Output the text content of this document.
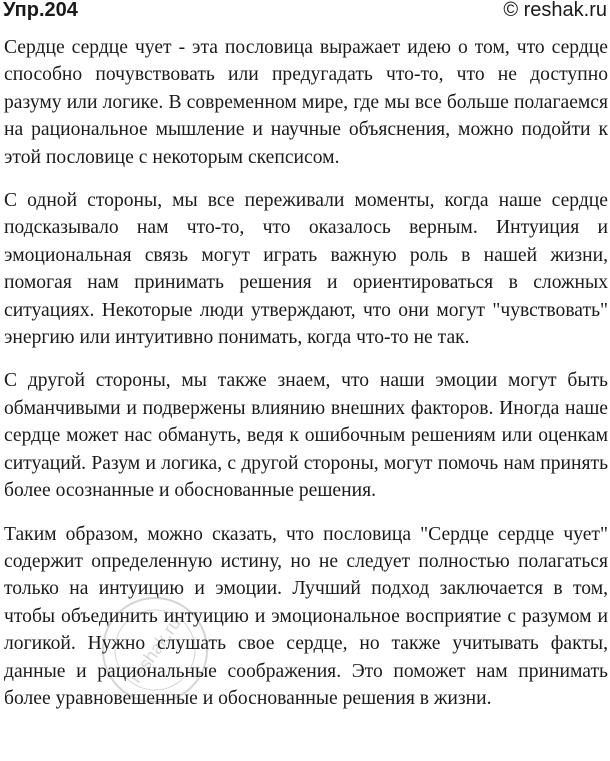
Упр.204	© reshak.ru

Сердце сердце чует - эта пословица выражает идею о том, что сердце способно почувствовать или предугадать что-то, что не доступно разуму или логике. В современном мире, где мы все больше полагаемся на рациональное мышление и научные объяснения, можно подойти к этой пословице с некоторым скепсисом.

С одной стороны, мы все переживали моменты, когда наше сердце подсказывало нам что-то, что оказалось верным. Интуиция и эмоциональная связь могут играть важную роль в нашей жизни, помогая нам принимать решения и ориентироваться в сложных ситуациях. Некоторые люди утверждают, что они могут "чувствовать" энергию или интуитивно понимать, когда что-то не так.

С другой стороны, мы также знаем, что наши эмоции могут быть обманчивыми и подвержены влиянию внешних факторов. Иногда наше сердце может нас обмануть, ведя к ошибочным решениям или оценкам ситуаций. Разум и логика, с другой стороны, могут помочь нам принять более осознанные и обоснованные решения.

Таким образом, можно сказать, что пословица "Сердце сердце чует" содержит определенную истину, но не следует полностью полагаться только на интуицию и эмоции. Лучший подход заключается в том, чтобы объединить интуицию и эмоциональное восприятие с разумом и логикой. Нужно слушать свое сердце, но также учитывать факты, данные и рациональные соображения. Это поможет нам принимать более уравновешенные и обоснованные решения в жизни.

reshak.ru
